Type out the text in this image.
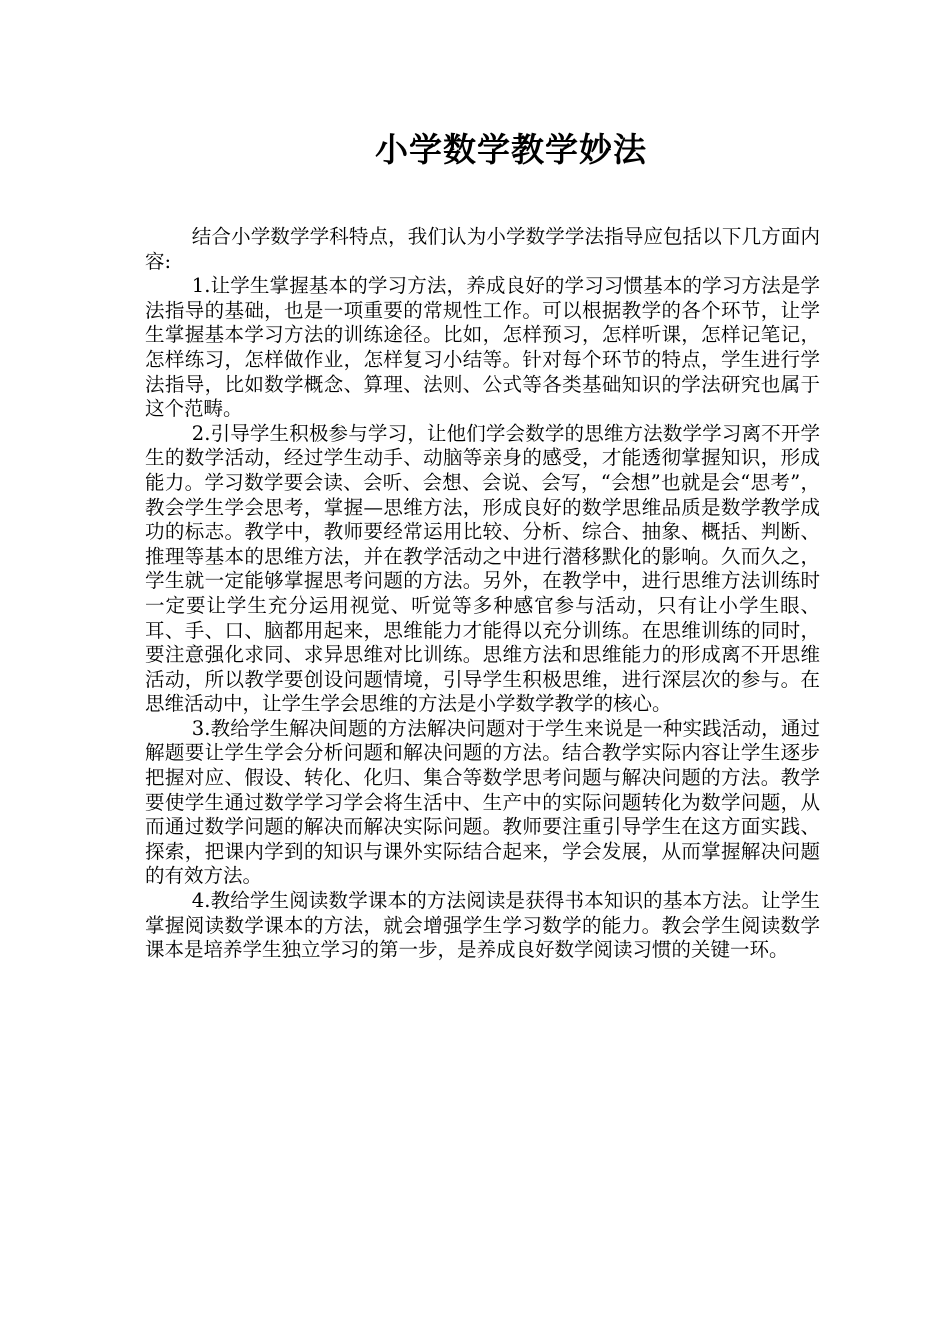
小学数学教学妙法

结合小学数学学科特点，我们认为小学数学学法指导应包括以下几方面内容:

1.让学生掌握基本的学习方法，养成良好的学习习惯基本的学习方法是学法指导的基础，也是一项重要的常规性工作。可以根据教学的各个环节，让学生掌握基本学习方法的训练途径。比如，怎样预习，怎样听课，怎样记笔记，怎样练习，怎样做作业，怎样复习小结等。针对每个环节的特点，学生进行学法指导，比如数学概念、算理、法则、公式等各类基础知识的学法研究也属于这个范畴。

2.引导学生积极参与学习，让他们学会数学的思维方法数学学习离不开学生的数学活动，经过学生动手、动脑等亲身的感受，才能透彻掌握知识，形成能力。学习数学要会读、会听、会想、会说、会写，“会想”也就是会“思考”，教会学生学会思考，掌握—思维方法，形成良好的数学思维品质是数学教学成功的标志。教学中，教师要经常运用比较、分析、综合、抽象、概括、判断、推理等基本的思维方法，并在教学活动之中进行潜移默化的影响。久而久之，学生就一定能够掌握思考问题的方法。另外，在教学中，进行思维方法训练时一定要让学生充分运用视觉、听觉等多种感官参与活动，只有让小学生眼、耳、手、口、脑都用起来，思维能力才能得以充分训练。在思维训练的同时，要注意强化求同、求异思维对比训练。思维方法和思维能力的形成离不开思维活动，所以教学要创设问题情境，引导学生积极思维，进行深层次的参与。在思维活动中，让学生学会思维的方法是小学数学教学的核心。

3.教给学生解决间题的方法解决问题对于学生来说是一种实践活动，通过解题要让学生学会分析问题和解决问题的方法。结合教学实际内容让学生逐步把握对应、假设、转化、化归、集合等数学思考问题与解决问题的方法。教学要使学生通过数学学习学会将生活中、生产中的实际问题转化为数学问题，从而通过数学问题的解决而解决实际问题。教师要注重引导学生在这方面实践、探索，把课内学到的知识与课外实际结合起来，学会发展，从而掌握解决问题的有效方法。

4.教给学生阅读数学课本的方法阅读是获得书本知识的基本方法。让学生掌握阅读数学课本的方法，就会增强学生学习数学的能力。教会学生阅读数学课本是培养学生独立学习的第一步，是养成良好数学阅读习惯的关键一环。
